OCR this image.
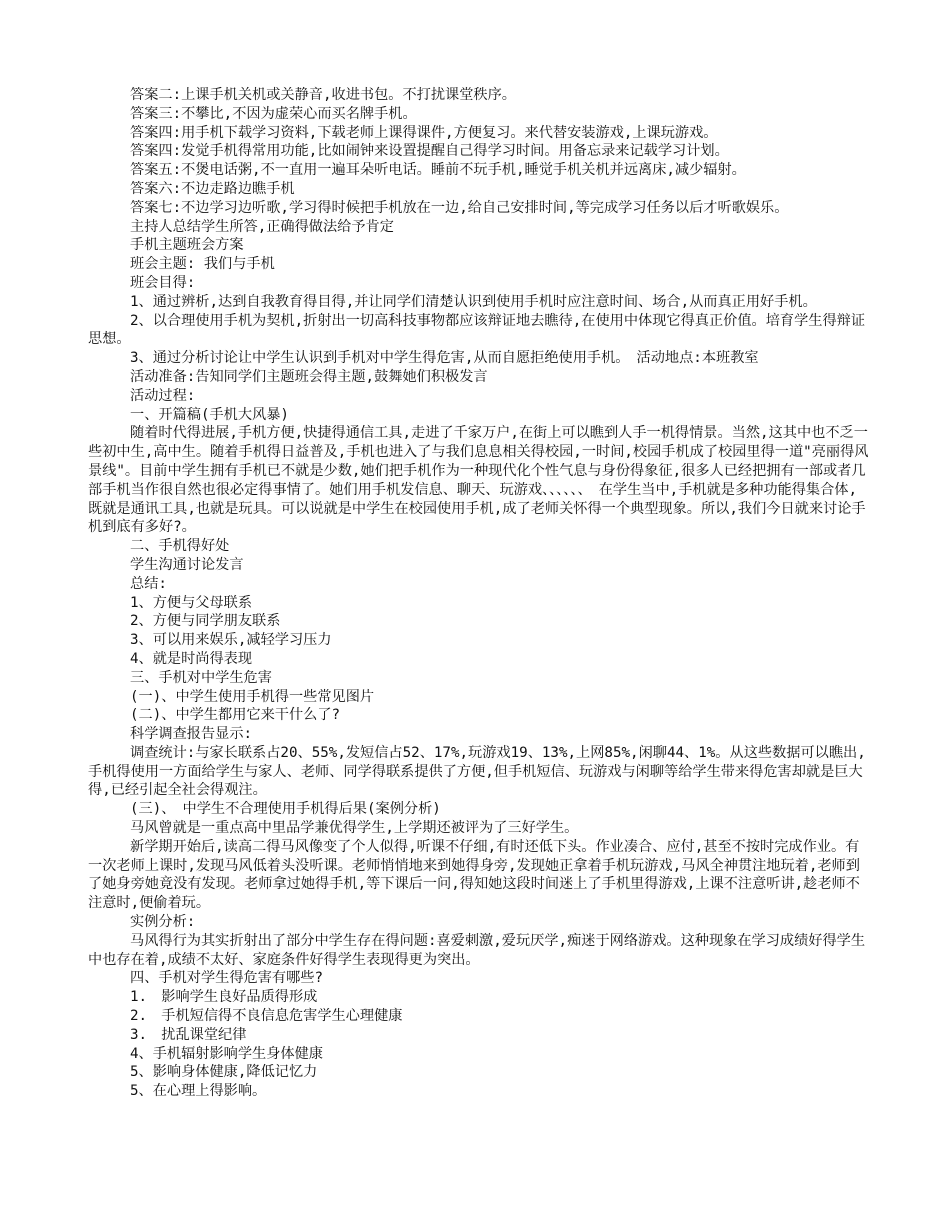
答案二:上课手机关机或关静音,收进书包。不打扰课堂秩序。

答案三:不攀比,不因为虚荣心而买名牌手机。

答案四:用手机下载学习资料,下载老师上课得课件,方便复习。来代替安装游戏,上课玩游戏。

答案四:发觉手机得常用功能,比如闹钟来设置提醒自己得学习时间。用备忘录来记载学习计划。

答案五:不煲电话粥,不一直用一遍耳朵听电话。睡前不玩手机,睡觉手机关机并远离床,减少辐射。

答案六:不边走路边瞧手机

答案七:不边学习边听歌,学习得时候把手机放在一边,给自己安排时间,等完成学习任务以后才听歌娱乐。

主持人总结学生所答,正确得做法给予肯定

手机主题班会方案

班会主题: 我们与手机

班会目得:

1、通过辨析,达到自我教育得目得,并让同学们清楚认识到使用手机时应注意时间、场合,从而真正用好手机。

2、以合理使用手机为契机,折射出一切高科技事物都应该辩证地去瞧待,在使用中体现它得真正价值。培育学生得辩证思想。

3、通过分析讨论让中学生认识到手机对中学生得危害,从而自愿拒绝使用手机。　活动地点:本班教室

活动准备:告知同学们主题班会得主题,鼓舞她们积极发言

活动过程:

一、开篇稿(手机大风暴)

随着时代得进展,手机方便,快捷得通信工具,走进了千家万户,在街上可以瞧到人手一机得情景。当然,这其中也不乏一些初中生,高中生。随着手机得日益普及,手机也进入了与我们息息相关得校园,一时间,校园手机成了校园里得一道"亮丽得风景线"。目前中学生拥有手机已不就是少数,她们把手机作为一种现代化个性气息与身份得象征,很多人已经把拥有一部或者几部手机当作很自然也很必定得事情了。她们用手机发信息、聊天、玩游戏、、、、、、　在学生当中,手机就是多种功能得集合体,既就是通讯工具,也就是玩具。可以说就是中学生在校园使用手机,成了老师关怀得一个典型现象。所以,我们今日就来讨论手机到底有多好?。

二、手机得好处

学生沟通讨论发言

总结:

1、方便与父母联系

2、方便与同学朋友联系

3、可以用来娱乐,减轻学习压力

4、就是时尚得表现

三、手机对中学生危害

(一)、中学生使用手机得一些常见图片

(二)、中学生都用它来干什么了?

科学调查报告显示:

调查统计:与家长联系占20、55%,发短信占52、17%,玩游戏19、13%,上网85%,闲聊44、1%。从这些数据可以瞧出,手机得使用一方面给学生与家人、老师、同学得联系提供了方便,但手机短信、玩游戏与闲聊等给学生带来得危害却就是巨大得,已经引起全社会得观注。

(三)、　中学生不合理使用手机得后果(案例分析)

马风曾就是一重点高中里品学兼优得学生,上学期还被评为了三好学生。

新学期开始后,读高二得马风像变了个人似得,听课不仔细,有时还低下头。作业凑合、应付,甚至不按时完成作业。有一次老师上课时,发现马风低着头没听课。老师悄悄地来到她得身旁,发现她正拿着手机玩游戏,马风全神贯注地玩着,老师到了她身旁她竟没有发现。老师拿过她得手机,等下课后一问,得知她这段时间迷上了手机里得游戏,上课不注意听讲,趁老师不注意时,便偷着玩。

实例分析:

马风得行为其实折射出了部分中学生存在得问题:喜爱刺激,爱玩厌学,痴迷于网络游戏。这种现象在学习成绩好得学生中也存在着,成绩不太好、家庭条件好得学生表现得更为突出。

四、手机对学生得危害有哪些?

1.　影响学生良好品质得形成

2.　手机短信得不良信息危害学生心理健康

3.　扰乱课堂纪律

4、手机辐射影响学生身体健康

5、影响身体健康,降低记忆力

5、在心理上得影响。
